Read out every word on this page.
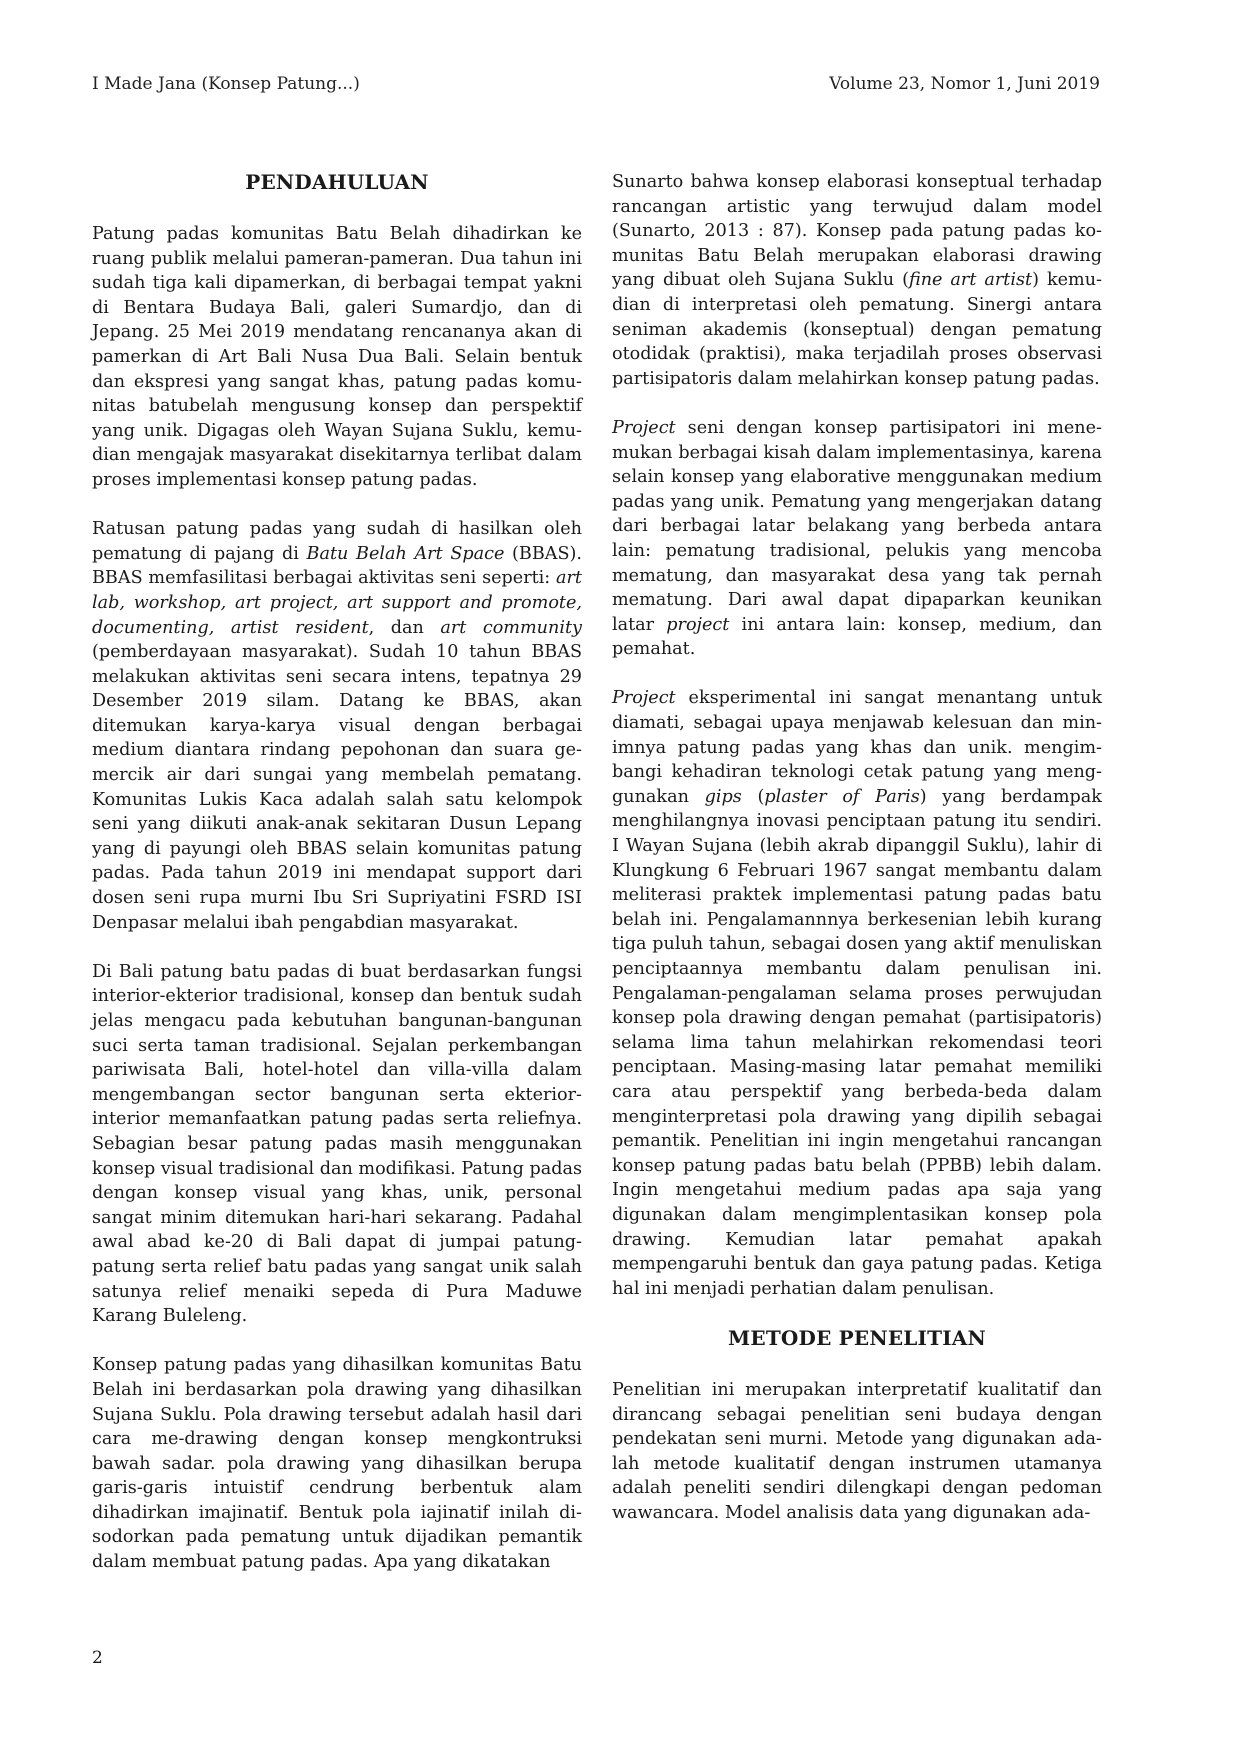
I Made Jana (Konsep Patung...)	Volume 23, Nomor 1, Juni 2019
PENDAHULUAN

Patung padas komunitas Batu Belah dihadirkan ke ruang publik melalui pameran-pameran. Dua tahun ini sudah tiga kali dipamerkan, di berbagai tempat yakni di Bentara Budaya Bali, galeri Sumardjo, dan di Jepang. 25 Mei 2019 mendatang rencananya akan di pamerkan di Art Bali Nusa Dua Bali. Selain bentuk dan ekspresi yang sangat khas, patung padas komunitas batubelah mengusung konsep dan perspektif yang unik. Digagas oleh Wayan Sujana Suklu, kemudian mengajak masyarakat disekitarnya terlibat dalam proses implementasi konsep patung padas.

Ratusan patung padas yang sudah di hasilkan oleh pematung di pajang di Batu Belah Art Space (BBAS). BBAS memfasilitasi berbagai aktivitas seni seperti: art lab, workshop, art project, art support and promote, documenting, artist resident, dan art community (pemberdayaan masyarakat). Sudah 10 tahun BBAS melakukan aktivitas seni secara intens, tepatnya 29 Desember 2019 silam. Datang ke BBAS, akan ditemukan karya-karya visual dengan berbagai medium diantara rindang pepohonan dan suara gemercik air dari sungai yang membelah pematang. Komunitas Lukis Kaca adalah salah satu kelompok seni yang diikuti anak-anak sekitaran Dusun Lepang yang di payungi oleh BBAS selain komunitas patung padas. Pada tahun 2019 ini mendapat support dari dosen seni rupa murni Ibu Sri Supriyatini FSRD ISI Denpasar melalui ibah pengabdian masyarakat.

Di Bali patung batu padas di buat berdasarkan fungsi interior-ekterior tradisional, konsep dan bentuk sudah jelas mengacu pada kebutuhan bangunan-bangunan suci serta taman tradisional. Sejalan perkembangan pariwisata Bali, hotel-hotel dan villa-villa dalam mengembangan sector bangunan serta ekterior-interior memanfaatkan patung padas serta reliefnya. Sebagian besar patung padas masih menggunakan konsep visual tradisional dan modifikasi. Patung padas dengan konsep visual yang khas, unik, personal sangat minim ditemukan hari-hari sekarang. Padahal awal abad ke-20 di Bali dapat di jumpai patung-patung serta relief batu padas yang sangat unik salah satunya relief menaiki sepeda di Pura Maduwe Karang Buleleng.

Konsep patung padas yang dihasilkan komunitas Batu Belah ini berdasarkan pola drawing yang dihasilkan Sujana Suklu. Pola drawing tersebut adalah hasil dari cara me-drawing dengan konsep mengkontruksi bawah sadar. pola drawing yang dihasilkan berupa garis-garis intuistif cendrung berbentuk alam dihadirkan imajinatif. Bentuk pola iajinatif inilah disodorkan pada pematung untuk dijadikan pemantik dalam membuat patung padas. Apa yang dikatakan

Sunarto bahwa konsep elaborasi konseptual terhadap rancangan artistic yang terwujud dalam model (Sunarto, 2013 : 87). Konsep pada patung padas komunitas Batu Belah merupakan elaborasi drawing yang dibuat oleh Sujana Suklu (fine art artist) kemudian di interpretasi oleh pematung. Sinergi antara seniman akademis (konseptual) dengan pematung otodidak (praktisi), maka terjadilah proses observasi partisipatoris dalam melahirkan konsep patung padas.

Project seni dengan konsep partisipatori ini menemukan berbagai kisah dalam implementasinya, karena selain konsep yang elaborative menggunakan medium padas yang unik. Pematung yang mengerjakan datang dari berbagai latar belakang yang berbeda antara lain: pematung tradisional, pelukis yang mencoba mematung, dan masyarakat desa yang tak pernah mematung. Dari awal dapat dipaparkan keunikan latar project ini antara lain: konsep, medium, dan pemahat.

Project eksperimental ini sangat menantang untuk diamati, sebagai upaya menjawab kelesuan dan minimnya patung padas yang khas dan unik. mengimbangi kehadiran teknologi cetak patung yang menggunakan gips (plaster of Paris) yang berdampak menghilangnya inovasi penciptaan patung itu sendiri. I Wayan Sujana (lebih akrab dipanggil Suklu), lahir di Klungkung 6 Februari 1967 sangat membantu dalam meliterasi praktek implementasi patung padas batu belah ini. Pengalamannnya berkesenian lebih kurang tiga puluh tahun, sebagai dosen yang aktif menuliskan penciptaannya membantu dalam penulisan ini. Pengalaman-pengalaman selama proses perwujudan konsep pola drawing dengan pemahat (partisipatoris) selama lima tahun melahirkan rekomendasi teori penciptaan. Masing-masing latar pemahat memiliki cara atau perspektif yang berbeda-beda dalam menginterpretasi pola drawing yang dipilih sebagai pemantik. Penelitian ini ingin mengetahui rancangan konsep patung padas batu belah (PPBB) lebih dalam. Ingin mengetahui medium padas apa saja yang digunakan dalam mengimplentasikan konsep pola drawing. Kemudian latar pemahat apakah mempengaruhi bentuk dan gaya patung padas. Ketiga hal ini menjadi perhatian dalam penulisan.

METODE PENELITIAN

Penelitian ini merupakan interpretatif kualitatif dan dirancang sebagai penelitian seni budaya dengan pendekatan seni murni. Metode yang digunakan adalah metode kualitatif dengan instrumen utamanya adalah peneliti sendiri dilengkapi dengan pedoman wawancara. Model analisis data yang digunakan ada-

2
